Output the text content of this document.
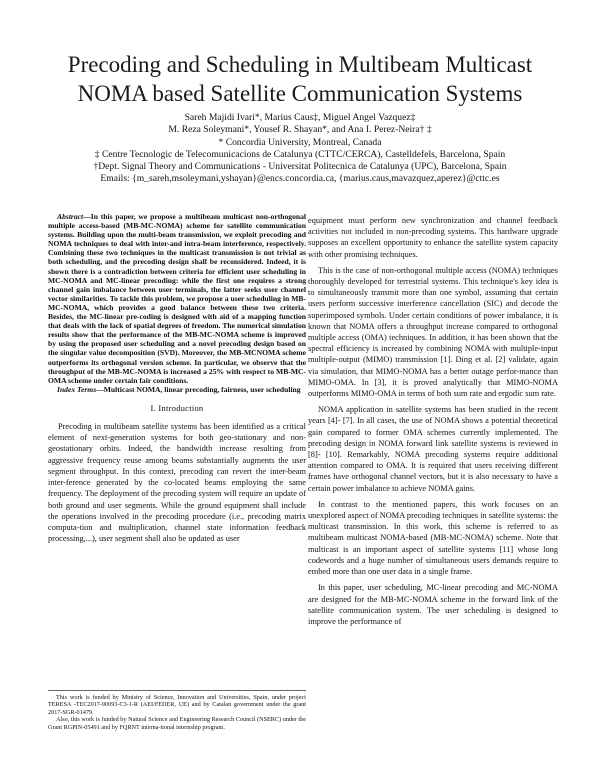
Precoding and Scheduling in Multibeam Multicast
NOMA based Satellite Communication Systems
Sareh Majidi Ivari*, Marius Caus‡, Miguel Angel Vazquez‡
M. Reza Soleymani*, Yousef R. Shayan*, and Ana I. Perez-Neira† ‡
* Concordia University, Montreal, Canada
‡ Centre Tecnologic de Telecomunicacions de Catalunya (CTTC/CERCA), Castelldefels, Barcelona, Spain
†Dept. Signal Theory and Communications - Universitat Politecnica de Catalunya (UPC), Barcelona, Spain
Emails: {m_sareh,msoleymani,yshayan}@encs.concordia.ca, {marius.caus,mavazquez,aperez}@cttc.es

Abstract—In this paper, we propose a multibeam multicast non-orthogonal multiple access-based (MB-MC-NOMA) scheme for satellite communication systems. Building upon the multi-beam transmission, we exploit precoding and NOMA techniques to deal with inter-and intra-beam interference, respectively. Combining these two techniques in the multicast transmission is not trivial as both scheduling, and the precoding design shall be reconsidered. Indeed, it is shown there is a contradiction between criteria for efficient user scheduling in MC-NOMA and MC-linear precoding: while the first one requires a strong channel gain imbalance between user terminals, the latter seeks user channel vector similarities. To tackle this problem, we propose a user scheduling in MB-MC-NOMA, which provides a good balance between these two criteria. Besides, the MC-linear pre-coding is designed with aid of a mapping function that deals with the lack of spatial degrees of freedom. The numerical simulation results show that the performance of the MB-MC-NOMA scheme is improved by using the proposed user scheduling and a novel precoding design based on the singular value decomposition (SVD). Moreover, the MB-MCNOMA scheme outperforms its orthogonal version scheme. In particular, we observe that the throughput of the MB-MC-NOMA is increased a 25% with respect to MB-MC-OMA scheme under certain fair conditions.

Index Terms—Multicast NOMA, linear precoding, fairness, user scheduling

I. Introduction

Precoding in multibeam satellite systems has been identified as a critical element of next-generation systems for both geo-stationary and non-geostationary orbits. Indeed, the bandwidth increase resulting from aggressive frequency reuse among beams substantially augments the user segment throughput. In this context, precoding can revert the inter-beam inter-ference generated by the co-located beams employing the same frequency. The deployment of the precoding system will require an update of both ground and user segments. While the ground equipment shall include the operations involved in the precoding procedure (i.e., precoding matrix computa-tion and multiplication, channel state information feedback processing,...), user segment shall also be updated as user

This work is funded by Ministry of Science, Innovation and Universities, Spain, under project TERESA -TEC2017-90093-C3-1-R (AEI/FEDER, UE) and by Catalan government under the grant 2017-SGR-01479.

Also, this work is funded by Natural Science and Engineering Research Council (NSERC) under the Grant RGPIN-05491 and by FQRNT interna-tional internship program.

equipment must perform new synchronization and channel feedback activities not included in non-precoding systems. This hardware upgrade supposes an excellent opportunity to enhance the satellite system capacity with other promising techniques.

This is the case of non-orthogonal multiple access (NOMA) techniques thoroughly developed for terrestrial systems. This technique's key idea is to simultaneously transmit more than one symbol, assuming that certain users perform successive interference cancellation (SIC) and decode the superimposed symbols. Under certain conditions of power imbalance, it is known that NOMA offers a throughput increase compared to orthogonal multiple access (OMA) techniques. In addition, it has been shown that the spectral efficiency is increased by combining NOMA with multiple-input multiple-output (MIMO) transmission [1]. Ding et al. [2] validate, again via simulation, that MIMO-NOMA has a better outage perfor-mance than MIMO-OMA. In [3], it is proved analytically that MIMO-NOMA outperforms MIMO-OMA in terms of both sum rate and ergodic sum rate.

NOMA application in satellite systems has been studied in the recent years [4]- [7]. In all cases, the use of NOMA shows a potential theoretical gain compared to former OMA schemes currently implemented. The precoding design in NOMA forward link satellite systems is reviewed in [8]- [10]. Remarkably, NOMA precoding systems require additional attention compared to OMA. It is required that users receiving different frames have orthogonal channel vectors, but it is also necessary to have a certain power imbalance to achieve NOMA gains.

In contrast to the mentioned papers, this work focuses on an unexplored aspect of NOMA precoding techniques in satellite systems: the multicast transmission. In this work, this scheme is referred to as multibeam multicast NOMA-based (MB-MC-NOMA) scheme. Note that multicast is an important aspect of satellite systems [11] whose long codewords and a huge number of simultaneous users demands require to embed more than one user data in a single frame.

In this paper, user scheduling, MC-linear precoding and MC-NOMA are designed for the MB-MC-NOMA scheme in the forward link of the satellite communication system. The user scheduling is designed to improve the performance of
